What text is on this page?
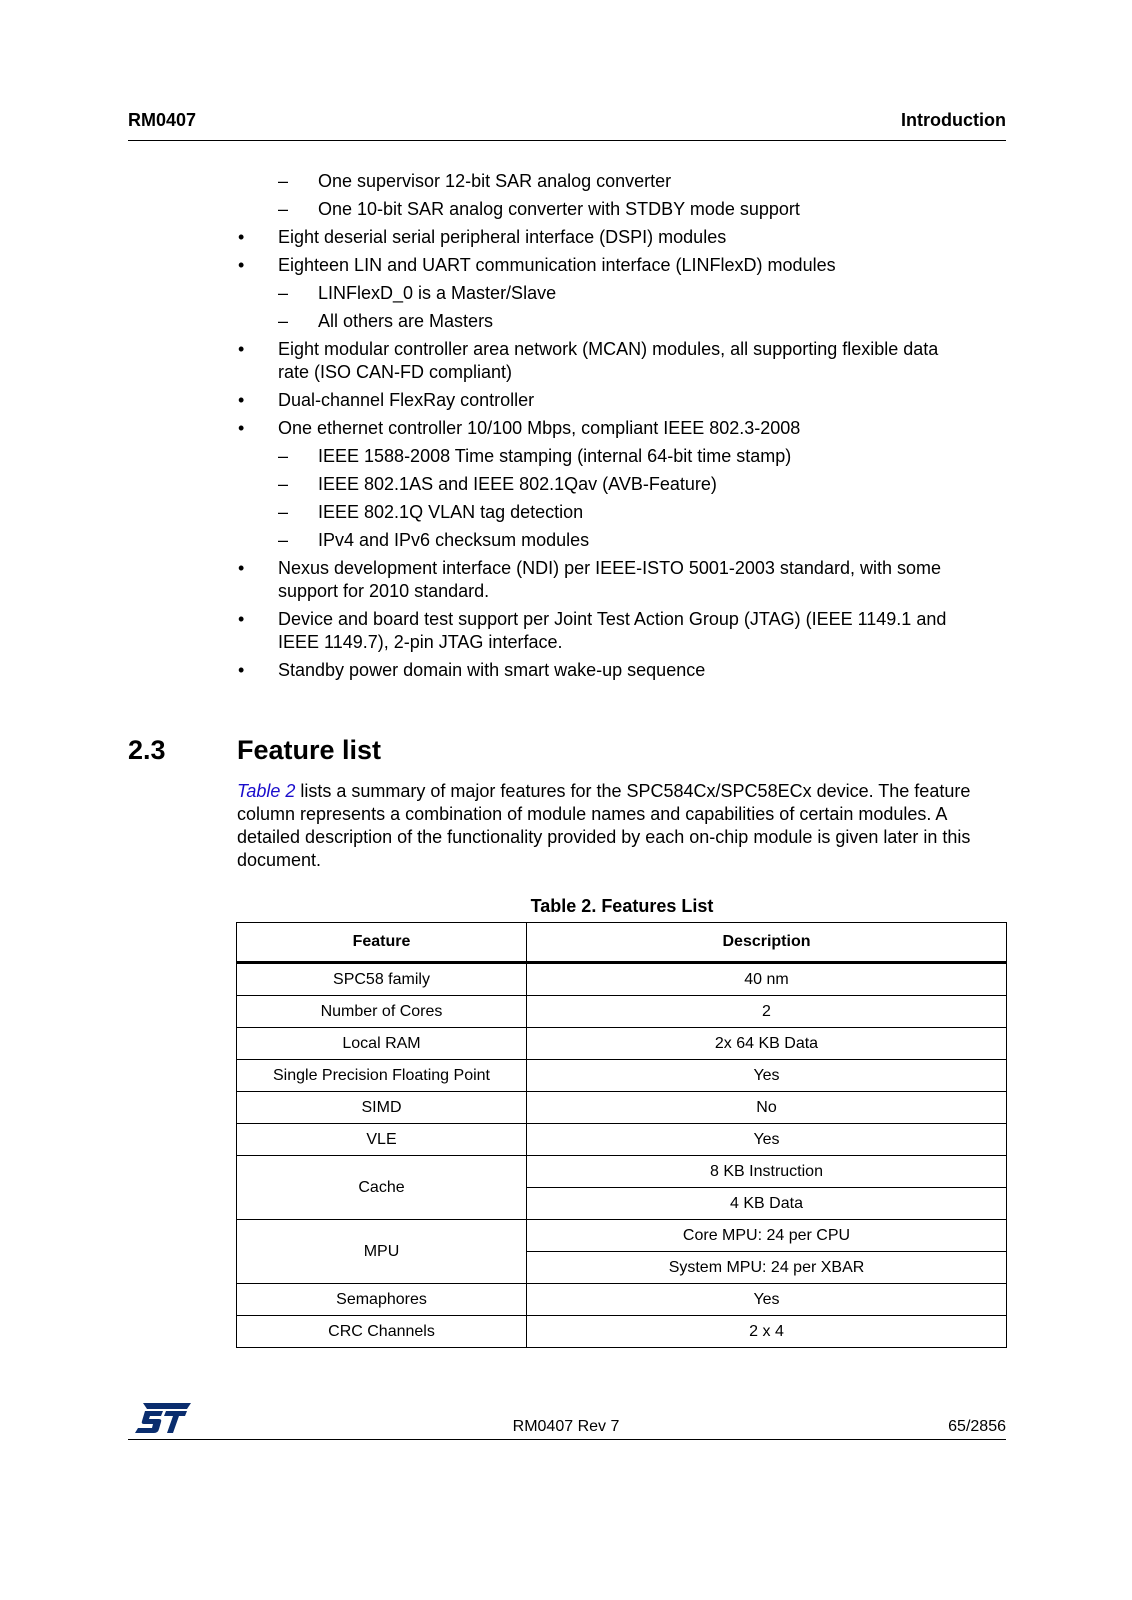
RM0407	Introduction
– One supervisor 12-bit SAR analog converter
– One 10-bit SAR analog converter with STDBY mode support
• Eight deserial serial peripheral interface (DSPI) modules
• Eighteen LIN and UART communication interface (LINFlexD) modules
– LINFlexD_0 is a Master/Slave
– All others are Masters
• Eight modular controller area network (MCAN) modules, all supporting flexible data
rate (ISO CAN-FD compliant)
• Dual-channel FlexRay controller
• One ethernet controller 10/100 Mbps, compliant IEEE 802.3-2008
– IEEE 1588-2008 Time stamping (internal 64-bit time stamp)
– IEEE 802.1AS and IEEE 802.1Qav (AVB-Feature)
– IEEE 802.1Q VLAN tag detection
– IPv4 and IPv6 checksum modules
• Nexus development interface (NDI) per IEEE-ISTO 5001-2003 standard, with some
support for 2010 standard.
• Device and board test support per Joint Test Action Group (JTAG) (IEEE 1149.1 and
IEEE 1149.7), 2-pin JTAG interface.
• Standby power domain with smart wake-up sequence
2.3	Feature list
Table 2 lists a summary of major features for the SPC584Cx/SPC58ECx device. The feature
column represents a combination of module names and capabilities of certain modules. A
detailed description of the functionality provided by each on-chip module is given later in this
document.
Table 2. Features List
Feature	Description
SPC58 family	40 nm
Number of Cores	2
Local RAM	2x 64 KB Data
Single Precision Floating Point	Yes
SIMD	No
VLE	Yes
Cache	8 KB Instruction
	4 KB Data
MPU	Core MPU: 24 per CPU
	System MPU: 24 per XBAR
Semaphores	Yes
CRC Channels	2 x 4
RM0407 Rev 7	65/2856
